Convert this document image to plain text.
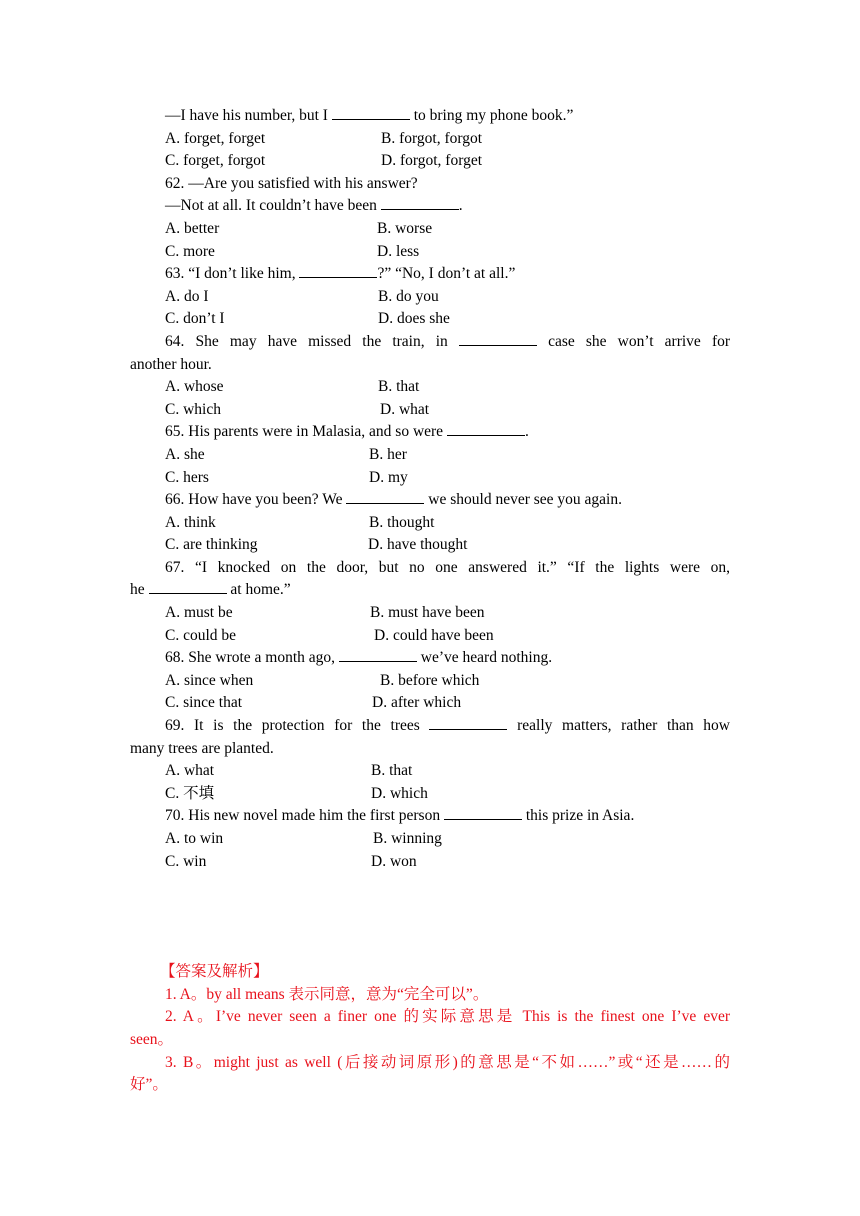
—I have his number, but I	to bring my phone book.”
A. forget, forget	B. forgot, forgot
C. forget, forgot	D. forgot, forget
62. —Are you satisfied with his answer?
—Not at all. It couldn’t have been	.
A. better	B. worse
C. more	D. less
63. “I don’t like him,	?” “No, I don’t at all.”
A. do I	B. do you
C. don’t I	D. does she
64. She may have missed the train, in	case she won’t arrive for
another hour.
A. whose	B. that
C. which	D. what
65. His parents were in Malasia, and so were	.
A. she	B. her
C. hers	D. my
66. How have you been? We	we should never see you again.
A. think	B. thought
C. are thinking	D. have thought
67. “I knocked on the door, but no one answered it.” “If the lights were on,
he	at home.”
A. must be	B. must have been
C. could be	D. could have been
68. She wrote a month ago,	we’ve heard nothing.
A. since when	B. before which
C. since that	D. after which
69. It is the protection for the trees	really matters, rather than how
many trees are planted.
A. what	B. that
C. 不填	D. which
70. His new novel made him the first person	this prize in Asia.
A. to win	B. winning
C. win	D. won
【答案及解析】
1. A。by all means 表示同意，意为“完全可以”。
2. A。I’ve never seen a finer one 的实际意思是 This is the finest one I’ve ever
seen。
3. B。might just as well (后接动词原形)的意思是“不如……”或“还是……的
好”。
